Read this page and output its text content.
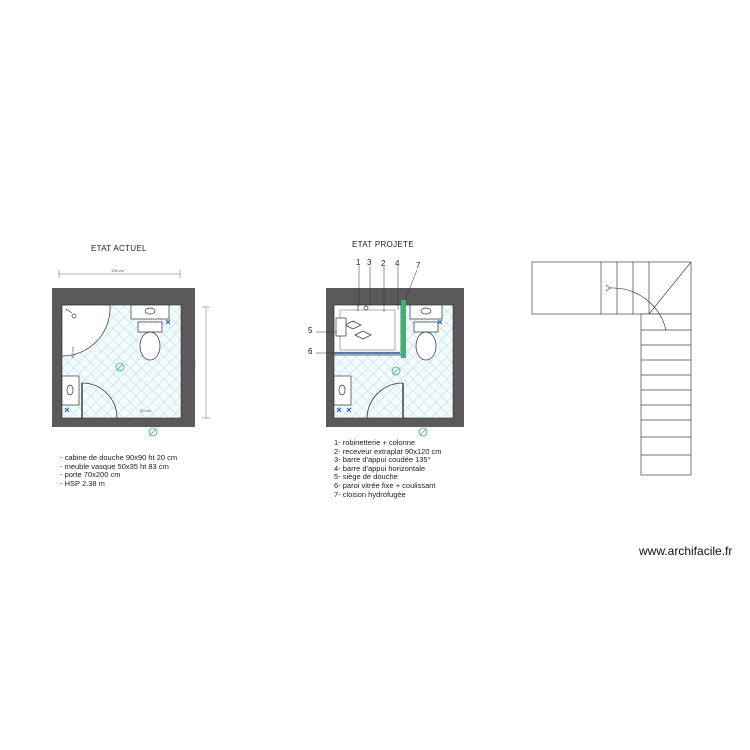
ETAT ACTUEL
196 cm
190 cm
90 cm
80 cm
- cabine de douche 90x90 ht 20 cm
- meuble vasque 50x35 ht 83 cm
- porte 70x200 cm
- HSP 2.38 m
ETAT PROJETE
1 3 2 4 7
5
6
1- robinetterie + colonne
2- receveur extraplat 90x120 cm
3- barre d'appui coudée 135°
4- barre d'appui horizontale
5- siège de douche
6- paroi vitrée fixe + coulissant
7- cloison hydrofugée
www.archifacile.fr
